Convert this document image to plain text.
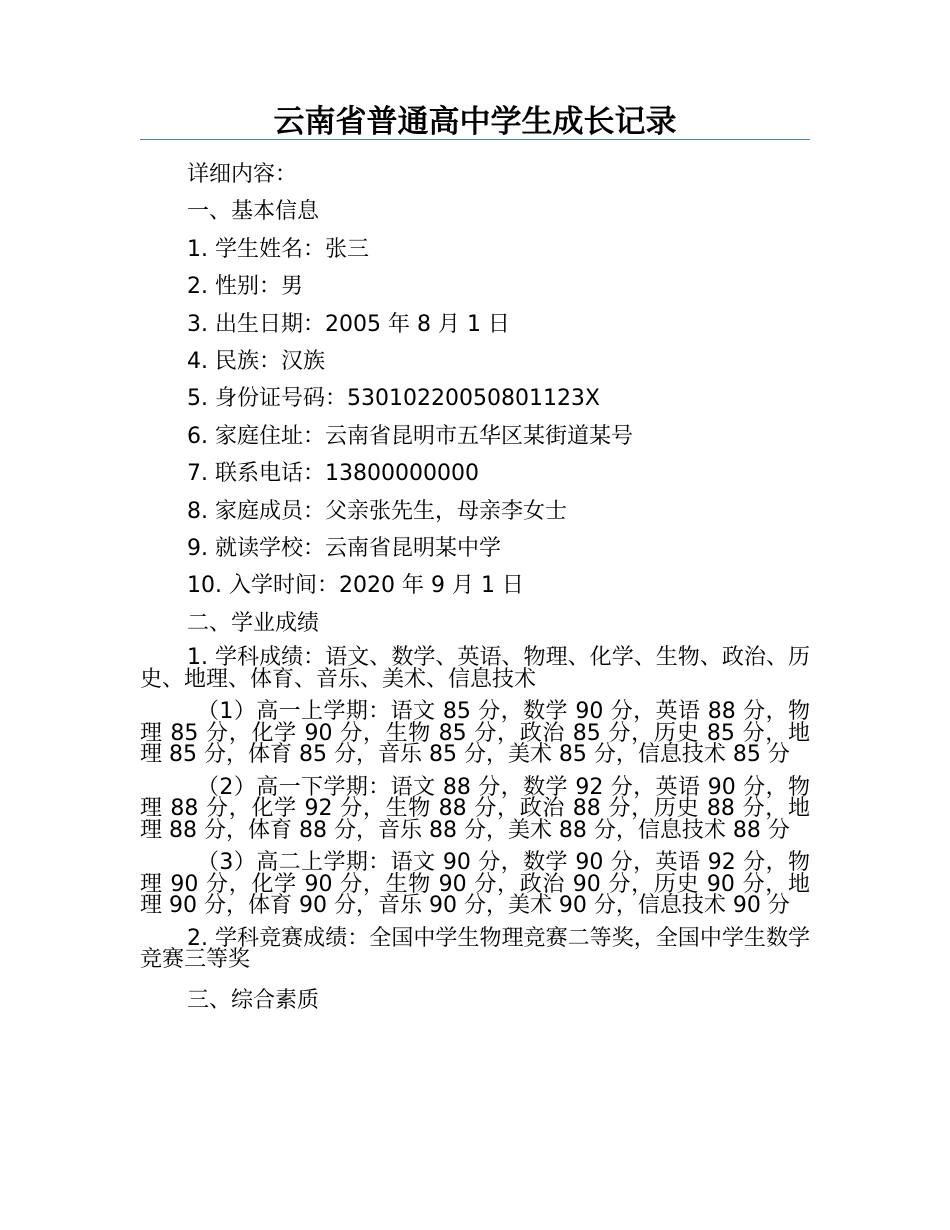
云南省普通高中学生成长记录
详细内容：
一、基本信息
1. 学生姓名：张三
2. 性别：男
3. 出生日期：2005 年 8 月 1 日
4. 民族：汉族
5. 身份证号码：53010220050801123X
6. 家庭住址：云南省昆明市五华区某街道某号
7. 联系电话：13800000000
8. 家庭成员：父亲张先生，母亲李女士
9. 就读学校：云南省昆明某中学
10. 入学时间：2020 年 9 月 1 日
二、学业成绩
1. 学科成绩：语文、数学、英语、物理、化学、生物、政治、历史、地理、体育、音乐、美术、信息技术
（1）高一上学期：语文 85 分，数学 90 分，英语 88 分，物理 85 分，化学 90 分，生物 85 分，政治 85 分，历史 85 分，地理 85 分，体育 85 分，音乐 85 分，美术 85 分，信息技术 85 分
（2）高一下学期：语文 88 分，数学 92 分，英语 90 分，物理 88 分，化学 92 分，生物 88 分，政治 88 分，历史 88 分，地理 88 分，体育 88 分，音乐 88 分，美术 88 分，信息技术 88 分
（3）高二上学期：语文 90 分，数学 90 分，英语 92 分，物理 90 分，化学 90 分，生物 90 分，政治 90 分，历史 90 分，地理 90 分，体育 90 分，音乐 90 分，美术 90 分，信息技术 90 分
2. 学科竞赛成绩：全国中学生物理竞赛二等奖，全国中学生数学竞赛三等奖
三、综合素质
